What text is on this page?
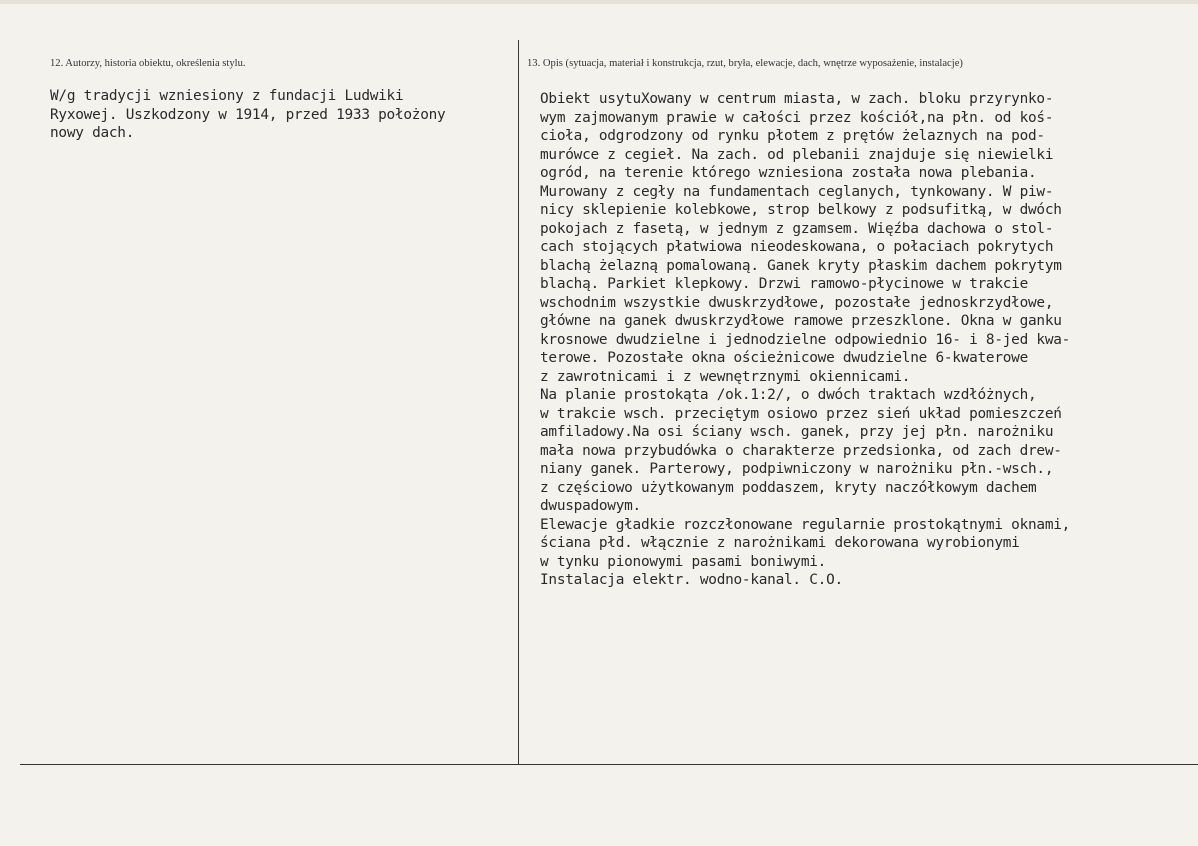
12. Autorzy, historia obiektu, określenia stylu.	13. Opis (sytuacja, materiał i konstrukcja, rzut, bryła, elewacje, dach, wnętrze wyposażenie, instalacje)
W/g tradycji wzniesiony z fundacji Ludwiki
Ryxowej. Uszkodzony w 1914, przed 1933 położony
nowy dach.
Obiekt usytuXowany w centrum miasta, w zach. bloku przyrynko-
wym zajmowanym prawie w całości przez kościół,na płn. od koś-
cioła, odgrodzony od rynku płotem z prętów żelaznych na pod-
murówce z cegieł. Na zach. od plebanii znajduje się niewielki
ogród, na terenie którego wzniesiona została nowa plebania.
Murowany z cegły na fundamentach ceglanych, tynkowany. W piw-
nicy sklepienie kolebkowe, strop belkowy z podsufitką, w dwóch
pokojach z fasetą, w jednym z gzamsem. Więźba dachowa o stol-
cach stojących płatwiowa nieodeskowana, o połaciach pokrytych
blachą żelazną pomalowaną. Ganek kryty płaskim dachem pokrytym
blachą. Parkiet klepkowy. Drzwi ramowo-płycinowe w trakcie
wschodnim wszystkie dwuskrzydłowe, pozostałe jednoskrzydłowe,
główne na ganek dwuskrzydłowe ramowe przeszklone. Okna w ganku
krosnowe dwudzielne i jednodzielne odpowiednio 16- i 8-jed kwa-
terowe. Pozostałe okna ościeżnicowe dwudzielne 6-kwaterowe
z zawrotnicami i z wewnętrznymi okiennicami.
Na planie prostokąta /ok.1:2/, o dwóch traktach wzdłóżnych,
w trakcie wsch. przeciętym osiowo przez sień układ pomieszczeń
amfiladowy.Na osi ściany wsch. ganek, przy jej płn. narożniku
mała nowa przybudówka o charakterze przedsionka, od zach drew-
niany ganek. Parterowy, podpiwniczony w narożniku płn.-wsch.,
z częściowo użytkowanym poddaszem, kryty naczółkowym dachem
dwuspadowym.
Elewacje gładkie rozczłonowane regularnie prostokątnymi oknami,
ściana płd. włącznie z narożnikami dekorowana wyrobionymi
w tynku pionowymi pasami boniwymi.
Instalacja elektr. wodno-kanal. C.O.
